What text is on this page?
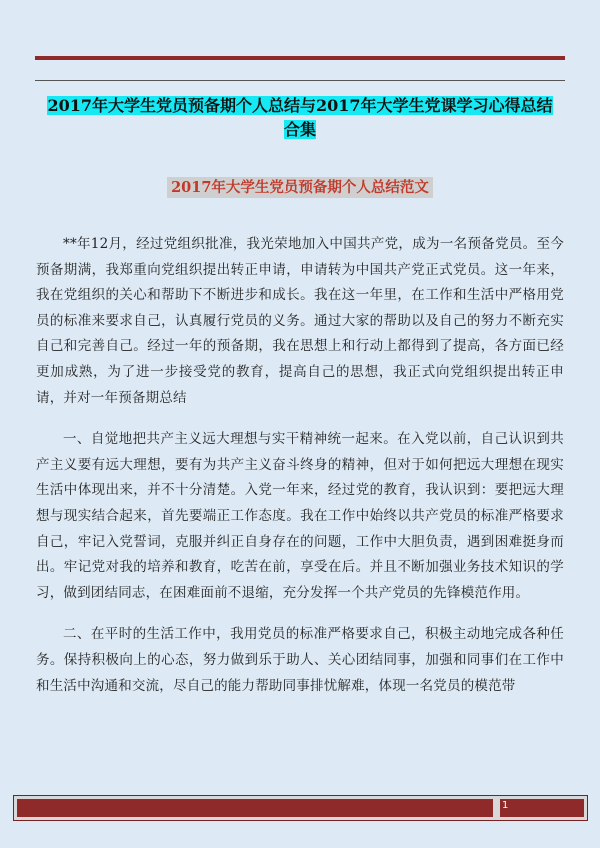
2017年大学生党员预备期个人总结与2017年大学生党课学习心得总结合集
2017年大学生党员预备期个人总结范文

**年12月，经过党组织批准，我光荣地加入中国共产党，成为一名预备党员。至今预备期满，我郑重向党组织提出转正申请，申请转为中国共产党正式党员。这一年来，我在党组织的关心和帮助下不断进步和成长。我在这一年里，在工作和生活中严格用党员的标准来要求自己，认真履行党员的义务。通过大家的帮助以及自己的努力不断充实自己和完善自己。经过一年的预备期，我在思想上和行动上都得到了提高，各方面已经更加成熟，为了进一步接受党的教育，提高自己的思想，我正式向党组织提出转正申请，并对一年预备期总结

一、自觉地把共产主义远大理想与实干精神统一起来。在入党以前，自己认识到共产主义要有远大理想，要有为共产主义奋斗终身的精神，但对于如何把远大理想在现实生活中体现出来，并不十分清楚。入党一年来，经过党的教育，我认识到：要把远大理想与现实结合起来，首先要端正工作态度。我在工作中始终以共产党员的标准严格要求自己，牢记入党誓词，克服并纠正自身存在的问题，工作中大胆负责，遇到困难挺身而出。牢记党对我的培养和教育，吃苦在前，享受在后。并且不断加强业务技术知识的学习，做到团结同志，在困难面前不退缩，充分发挥一个共产党员的先锋模范作用。

二、在平时的生活工作中，我用党员的标准严格要求自己，积极主动地完成各种任务。保持积极向上的心态，努力做到乐于助人、关心团结同事，加强和同事们在工作中和生活中沟通和交流，尽自己的能力帮助同事排忧解难，体现一名党员的模范带

1
